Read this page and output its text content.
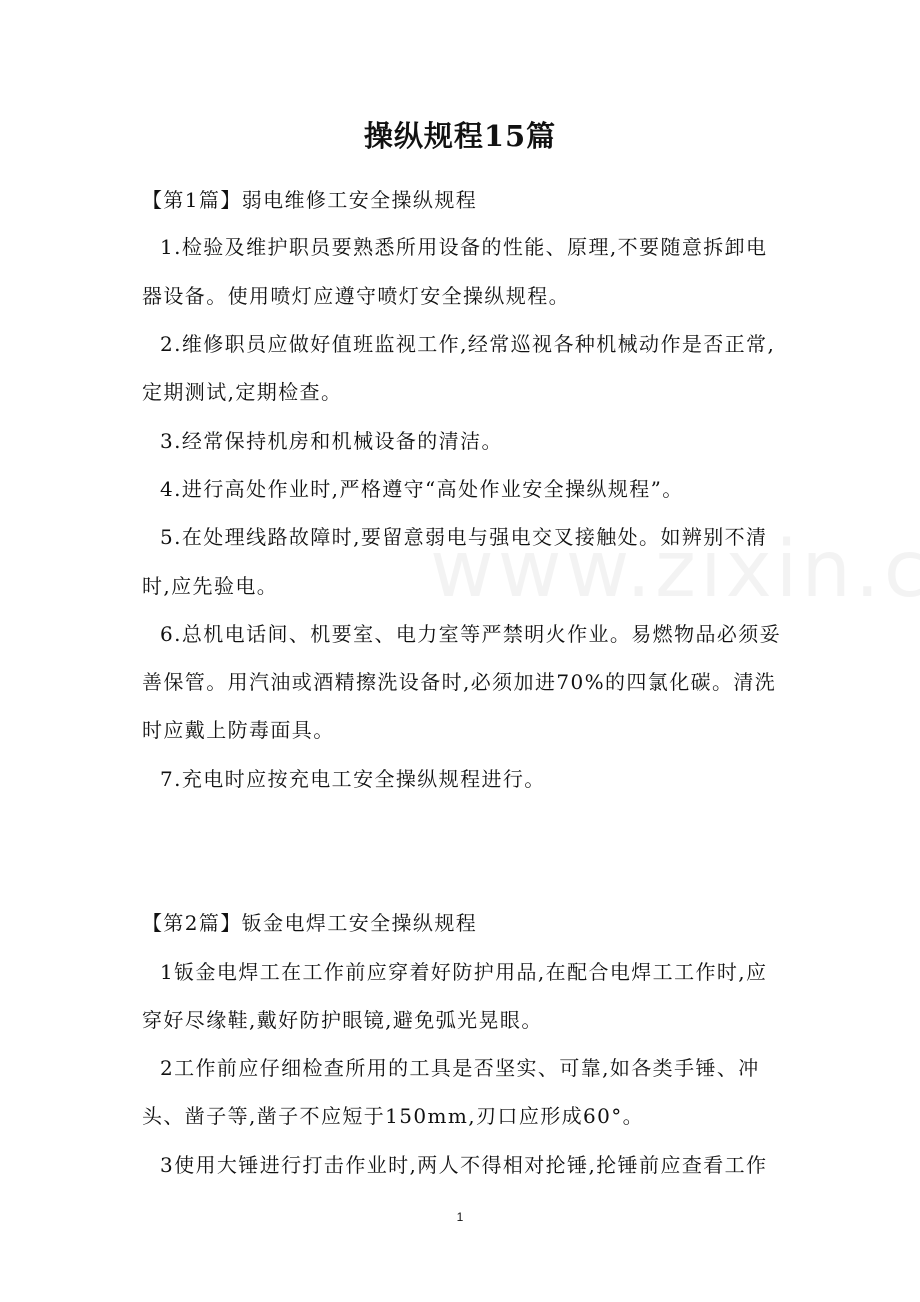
操纵规程15篇
【第1篇】弱电维修工安全操纵规程
1.检验及维护职员要熟悉所用设备的性能、原理,不要随意拆卸电
器设备。使用喷灯应遵守喷灯安全操纵规程。
2.维修职员应做好值班监视工作,经常巡视各种机械动作是否正常,
定期测试,定期检查。
3.经常保持机房和机械设备的清洁。
4.进行高处作业时,严格遵守“高处作业安全操纵规程”。
5.在处理线路故障时,要留意弱电与强电交叉接触处。如辨别不清
时,应先验电。
6.总机电话间、机要室、电力室等严禁明火作业。易燃物品必须妥
善保管。用汽油或酒精擦洗设备时,必须加进70%的四氯化碳。清洗
时应戴上防毒面具。
7.充电时应按充电工安全操纵规程进行。
【第2篇】钣金电焊工安全操纵规程
1钣金电焊工在工作前应穿着好防护用品,在配合电焊工工作时,应
穿好尽缘鞋,戴好防护眼镜,避免弧光晃眼。
2工作前应仔细检查所用的工具是否坚实、可靠,如各类手锤、冲
头、凿子等,凿子不应短于150mm,刃口应形成60°。
3使用大锤进行打击作业时,两人不得相对抡锤,抡锤前应查看工作
1
